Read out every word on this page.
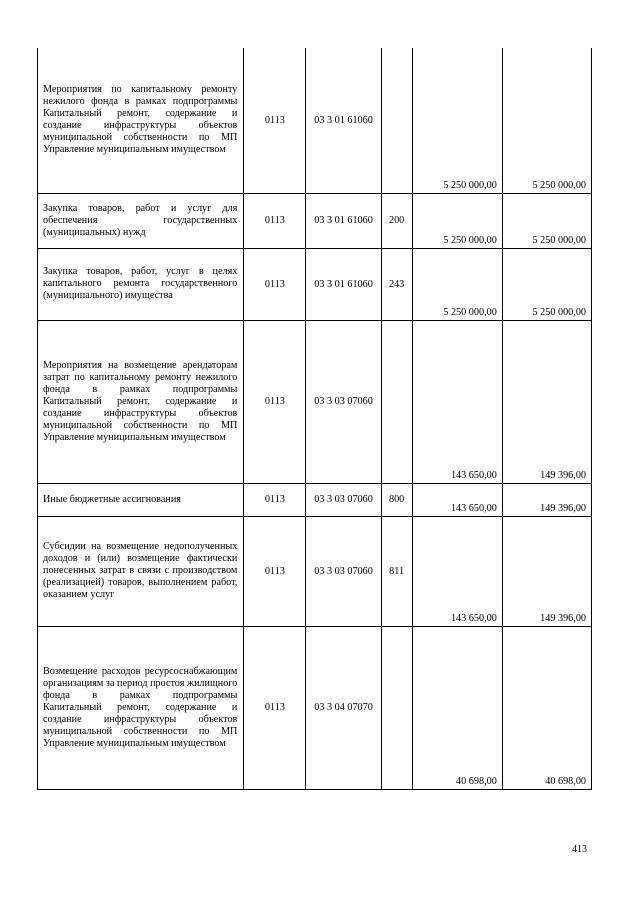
Мероприятия по капитальному ремонту нежилого фонда в рамках подпрограммы Капитальный ремонт, содержание и создание инфраструктуры объектов муниципальной собственности по МП Управление муниципальным имуществом	0113	03 3 01 61060		5 250 000,00	5 250 000,00

Закупка товаров, работ и услуг для обеспечения государственных (муниципальных) нужд	0113	03 3 01 61060	200	5 250 000,00	5 250 000,00

Закупка товаров, работ, услуг в целях капитального ремонта государственного (муниципального) имущества	0113	03 3 01 61060	243	5 250 000,00	5 250 000,00

Мероприятия на возмещение арендаторам затрат по капитальному ремонту нежилого фонда в рамках подпрограммы Капитальный ремонт, содержание и создание инфраструктуры объектов муниципальной собственности по МП Управление муниципальным имуществом	0113	03 3 03 07060		143 650,00	149 396,00

Иные бюджетные ассигнования	0113	03 3 03 07060	800	143 650,00	149 396,00

Субсидии на возмещение недополученных доходов и (или) возмещение фактически понесенных затрат в связи с производством (реализацией) товаров, выполнением работ, оказанием услуг	0113	03 3 03 07060	811	143 650,00	149 396,00

Возмещение расходов ресурсоснабжающим организациям за период простоя жилищного фонда в рамках подпрограммы Капитальный ремонт, содержание и создание инфраструктуры объектов муниципальной собственности по МП Управление муниципальным имуществом	0113	03 3 04 07070		40 698,00	40 698,00
413
